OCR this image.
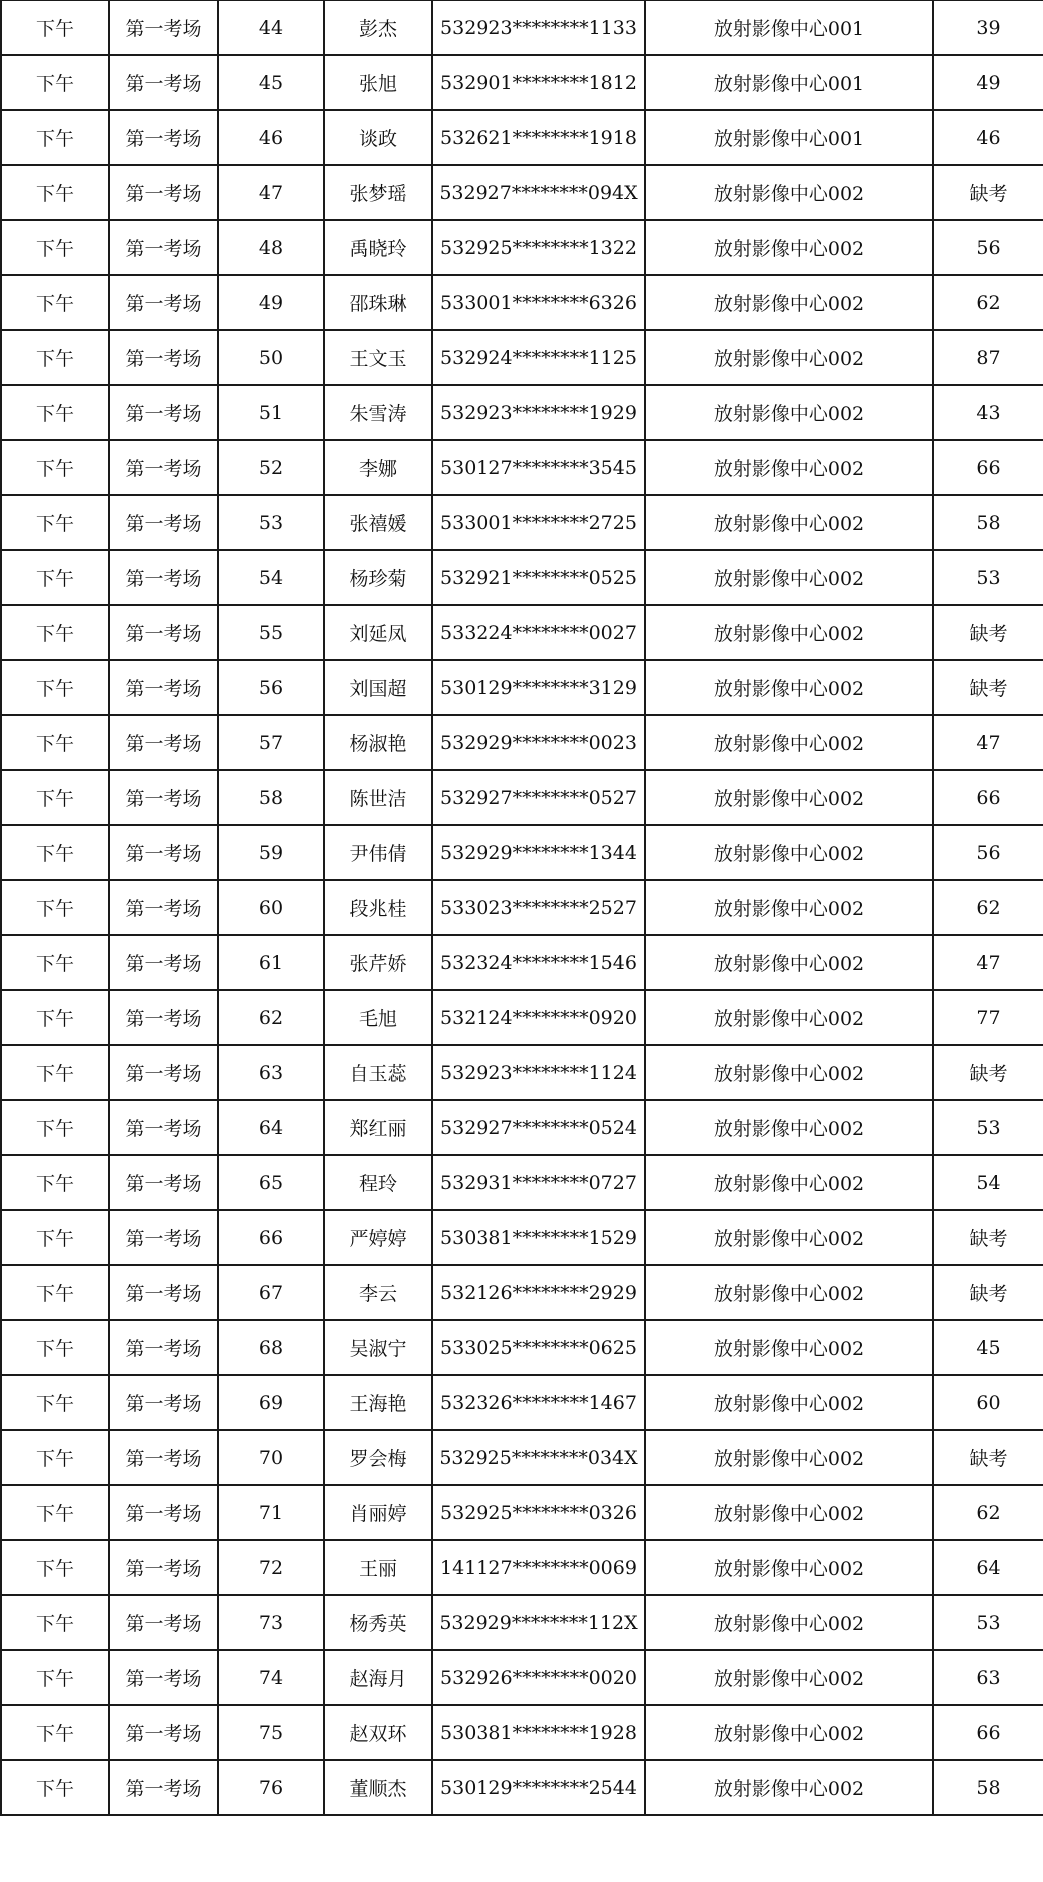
下午	第一考场	44	彭杰	532923********1133	放射影像中心001	39
下午	第一考场	45	张旭	532901********1812	放射影像中心001	49
下午	第一考场	46	谈政	532621********1918	放射影像中心001	46
下午	第一考场	47	张梦瑶	532927********094X	放射影像中心002	缺考
下午	第一考场	48	禹晓玲	532925********1322	放射影像中心002	56
下午	第一考场	49	邵珠琳	533001********6326	放射影像中心002	62
下午	第一考场	50	王文玉	532924********1125	放射影像中心002	87
下午	第一考场	51	朱雪涛	532923********1929	放射影像中心002	43
下午	第一考场	52	李娜	530127********3545	放射影像中心002	66
下午	第一考场	53	张禧媛	533001********2725	放射影像中心002	58
下午	第一考场	54	杨珍菊	532921********0525	放射影像中心002	53
下午	第一考场	55	刘延凤	533224********0027	放射影像中心002	缺考
下午	第一考场	56	刘国超	530129********3129	放射影像中心002	缺考
下午	第一考场	57	杨淑艳	532929********0023	放射影像中心002	47
下午	第一考场	58	陈世洁	532927********0527	放射影像中心002	66
下午	第一考场	59	尹伟倩	532929********1344	放射影像中心002	56
下午	第一考场	60	段兆桂	533023********2527	放射影像中心002	62
下午	第一考场	61	张芹娇	532324********1546	放射影像中心002	47
下午	第一考场	62	毛旭	532124********0920	放射影像中心002	77
下午	第一考场	63	自玉蕊	532923********1124	放射影像中心002	缺考
下午	第一考场	64	郑红丽	532927********0524	放射影像中心002	53
下午	第一考场	65	程玲	532931********0727	放射影像中心002	54
下午	第一考场	66	严婷婷	530381********1529	放射影像中心002	缺考
下午	第一考场	67	李云	532126********2929	放射影像中心002	缺考
下午	第一考场	68	吴淑宁	533025********0625	放射影像中心002	45
下午	第一考场	69	王海艳	532326********1467	放射影像中心002	60
下午	第一考场	70	罗会梅	532925********034X	放射影像中心002	缺考
下午	第一考场	71	肖丽婷	532925********0326	放射影像中心002	62
下午	第一考场	72	王丽	141127********0069	放射影像中心002	64
下午	第一考场	73	杨秀英	532929********112X	放射影像中心002	53
下午	第一考场	74	赵海月	532926********0020	放射影像中心002	63
下午	第一考场	75	赵双环	530381********1928	放射影像中心002	66
下午	第一考场	76	董顺杰	530129********2544	放射影像中心002	58
